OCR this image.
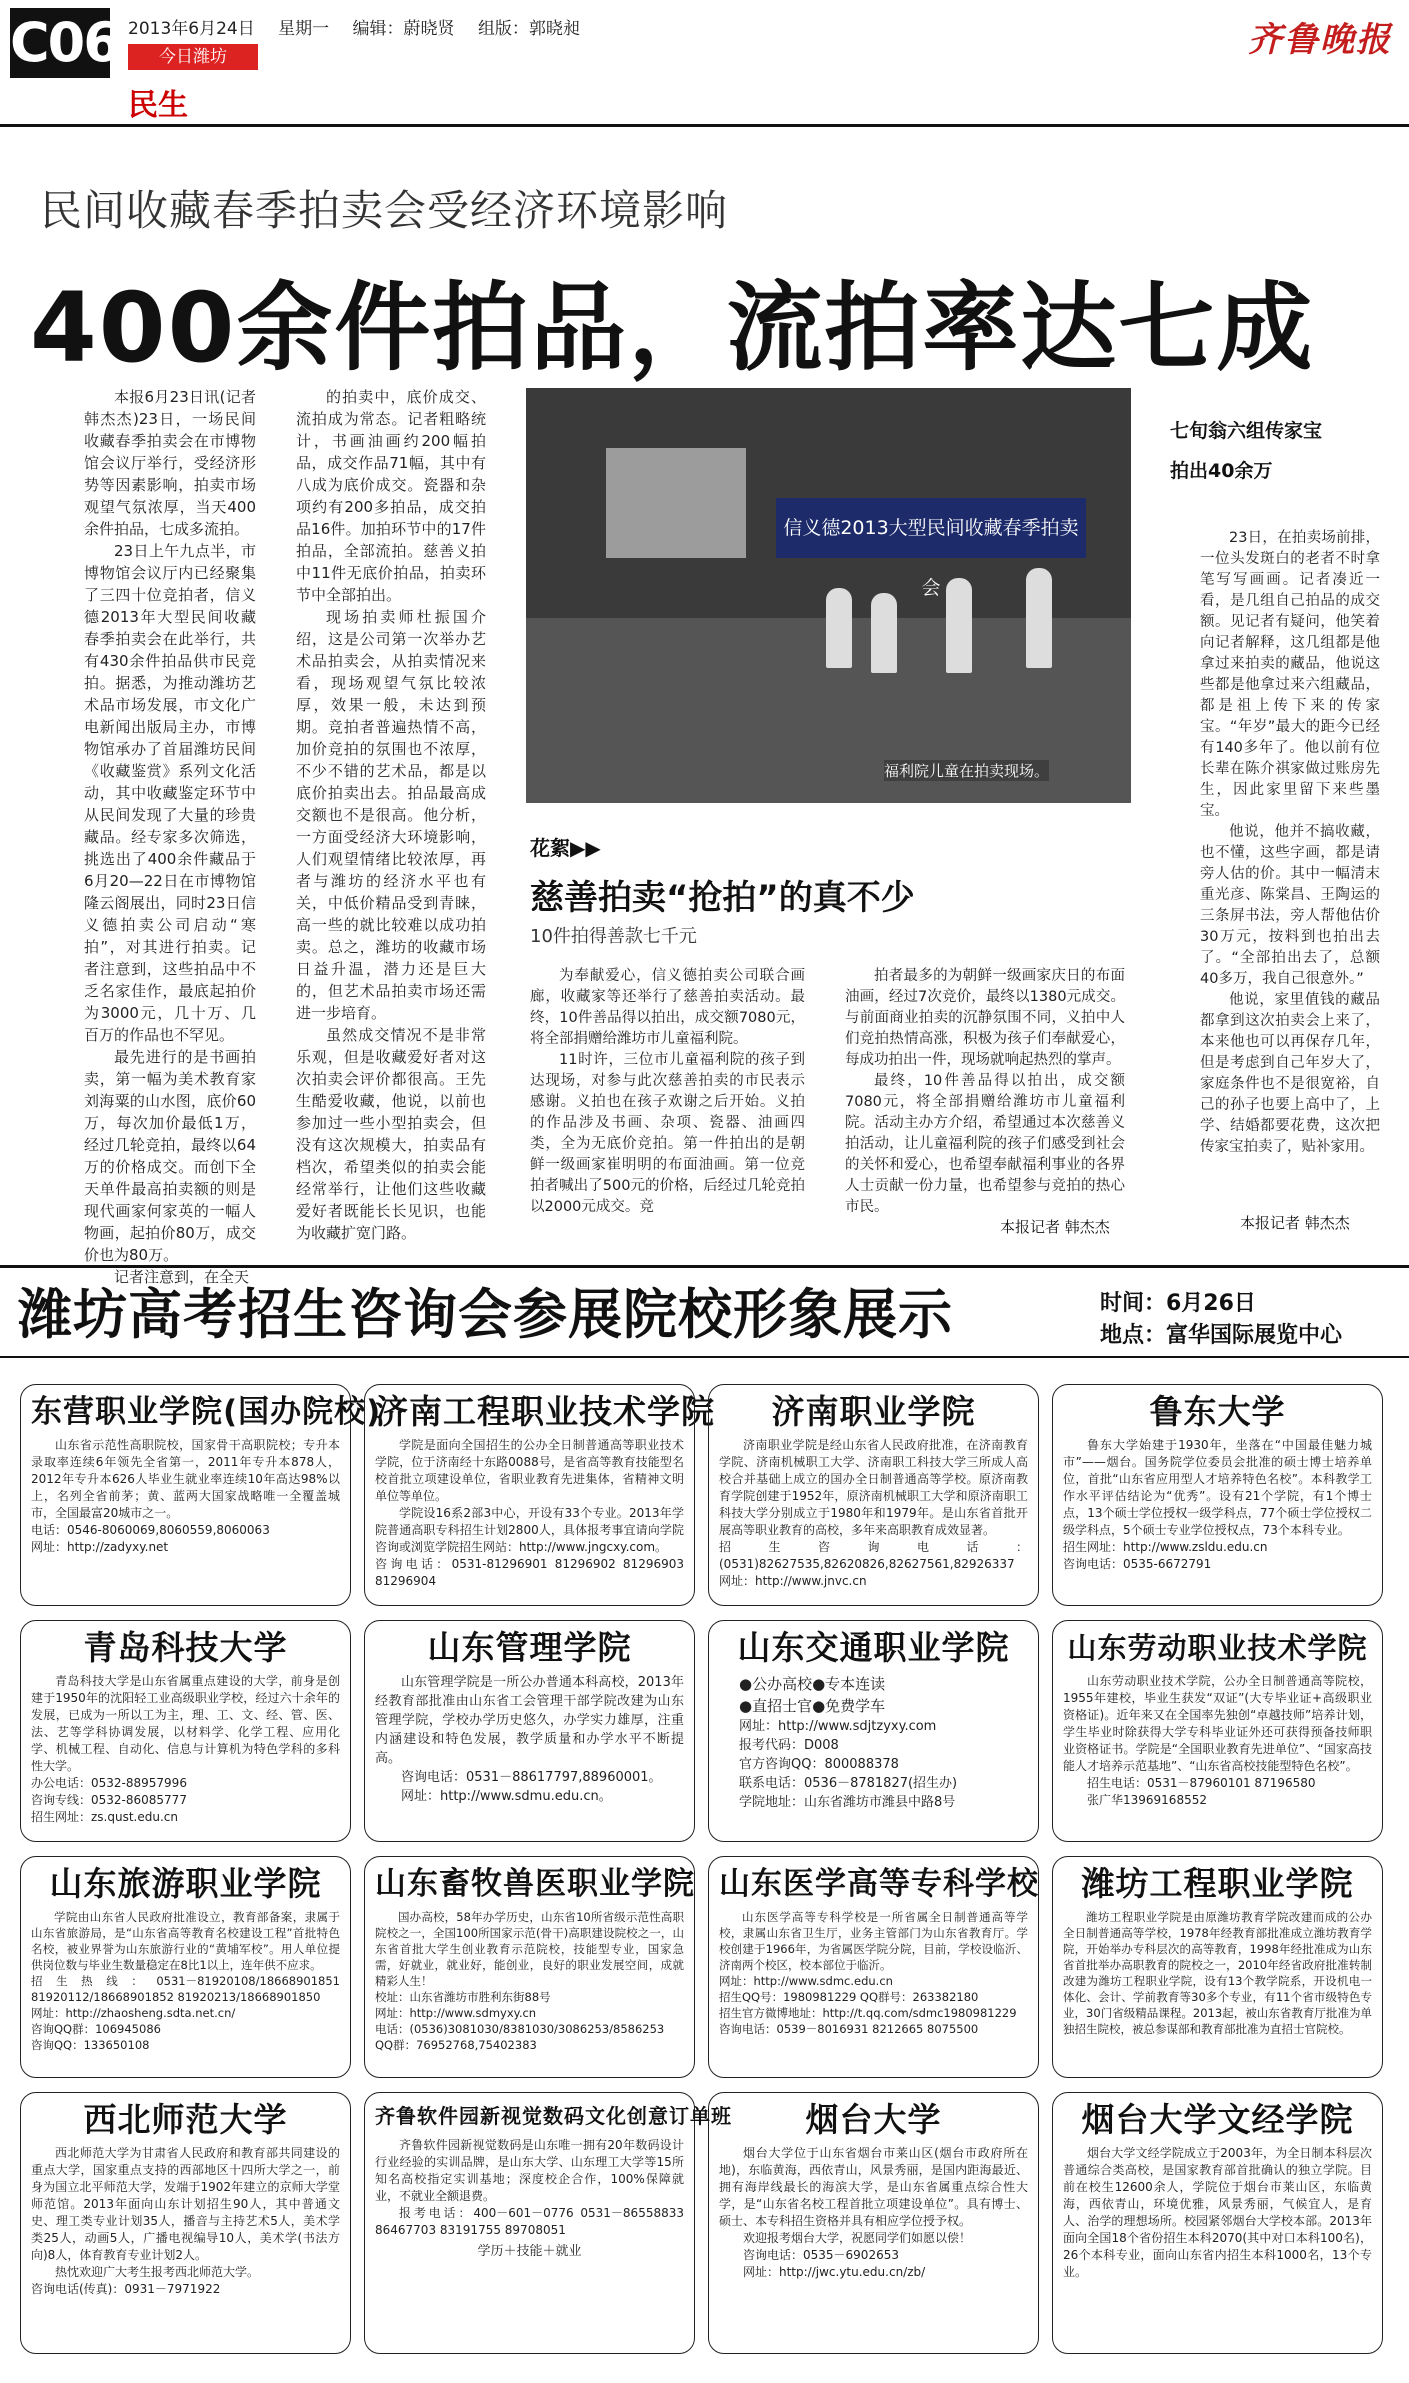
C06 2013年6月24日 星期一 编辑：蔚晓贤 组版：郭晓昶
今日潍坊
民生
齐鲁晚报
民间收藏春季拍卖会受经济环境影响
400余件拍品，流拍率达七成

本报6月23日讯(记者 韩杰杰)23日，一场民间收藏春季拍卖会在市博物馆会议厅举行，受经济形势等因素影响，拍卖市场观望气氛浓厚，当天400余件拍品，七成多流拍。

23日上午九点半，市博物馆会议厅内已经聚集了三四十位竞拍者，信义德2013年大型民间收藏春季拍卖会在此举行，共有430余件拍品供市民竞拍。据悉，为推动潍坊艺术品市场发展，市文化广电新闻出版局主办，市博物馆承办了首届潍坊民间《收藏鉴赏》系列文化活动，其中收藏鉴定环节中从民间发现了大量的珍贵藏品。经专家多次筛选，挑选出了400余件藏品于6月20—22日在市博物馆隆云阁展出，同时23日信义德拍卖公司启动“寒拍”，对其进行拍卖。记者注意到，这些拍品中不乏名家佳作，最底起拍价为3000元，几十万、几百万的作品也不罕见。

最先进行的是书画拍卖，第一幅为美术教育家刘海粟的山水图，底价60万，每次加价最低1万，经过几轮竞拍，最终以64万的价格成交。而创下全天单件最高拍卖额的则是现代画家何家英的一幅人物画，起拍价80万，成交价也为80万。

记者注意到，在全天

的拍卖中，底价成交、流拍成为常态。记者粗略统计，书画油画约200幅拍品，成交作品71幅，其中有八成为底价成交。瓷器和杂项约有200多拍品，成交拍品16件。加拍环节中的17件拍品，全部流拍。慈善义拍中11件无底价拍品，拍卖环节中全部拍出。

现场拍卖师杜振国介绍，这是公司第一次举办艺术品拍卖会，从拍卖情况来看，现场观望气氛比较浓厚，效果一般，未达到预期。竞拍者普遍热情不高，加价竞拍的氛围也不浓厚，不少不错的艺术品，都是以底价拍卖出去。拍品最高成交额也不是很高。他分析，一方面受经济大环境影响，人们观望情绪比较浓厚，再者与潍坊的经济水平也有关，中低价精品受到青睐，高一些的就比较难以成功拍卖。总之，潍坊的收藏市场日益升温，潜力还是巨大的，但艺术品拍卖市场还需进一步培育。

虽然成交情况不是非常乐观，但是收藏爱好者对这次拍卖会评价都很高。王先生酷爱收藏，他说，以前也参加过一些小型拍卖会，但没有这次规模大，拍卖品有档次，希望类似的拍卖会能经常举行，让他们这些收藏爱好者既能长长见识，也能为收藏扩宽门路。

信义德2013大型民间收藏春季拍卖会
福利院儿童在拍卖现场。
七旬翁六组传家宝
拍出40余万

23日，在拍卖场前排，一位头发斑白的老者不时拿笔写写画画。记者凑近一看，是几组自己拍品的成交额。见记者有疑问，他笑着向记者解释，这几组都是他拿过来拍卖的藏品，他说这些都是他拿过来六组藏品，都是祖上传下来的传家宝。“年岁”最大的距今已经有140多年了。他以前有位长辈在陈介祺家做过账房先生，因此家里留下来些墨宝。

他说，他并不搞收藏，也不懂，这些字画，都是请旁人估的价。其中一幅清末重光彦、陈棠昌、王陶运的三条屏书法，旁人帮他估价30万元，按料到也拍出去了。“全部拍出去了，总额40多万，我自己很意外。”

他说，家里值钱的藏品都拿到这次拍卖会上来了，本来他也可以再保存几年，但是考虑到自己年岁大了，家庭条件也不是很宽裕，自己的孙子也要上高中了，上学、结婚都要花费，这次把传家宝拍卖了，贴补家用。

本报记者 韩杰杰
花絮▶▶
慈善拍卖“抢拍”的真不少
10件拍得善款七千元

为奉献爱心，信义德拍卖公司联合画廊，收藏家等还举行了慈善拍卖活动。最终，10件善品得以拍出，成交额7080元，将全部捐赠给潍坊市儿童福利院。

11时许，三位市儿童福利院的孩子到达现场，对参与此次慈善拍卖的市民表示感谢。义拍也在孩子欢谢之后开始。义拍的作品涉及书画、杂项、瓷器、油画四类，全为无底价竞拍。第一件拍出的是朝鲜一级画家崔明明的布面油画。第一位竞拍者喊出了500元的价格，后经过几轮竞拍以2000元成交。竞

拍者最多的为朝鲜一级画家庆日的布面油画，经过7次竞价，最终以1380元成交。与前面商业拍卖的沉静氛围不同，义拍中人们竞拍热情高涨，积极为孩子们奉献爱心，每成功拍出一件，现场就响起热烈的掌声。

最终，10件善品得以拍出，成交额7080元，将全部捐赠给潍坊市儿童福利院。活动主办方介绍，希望通过本次慈善义拍活动，让儿童福利院的孩子们感受到社会的关怀和爱心，也希望奉献福利事业的各界人士贡献一份力量，也希望参与竞拍的热心市民。

本报记者 韩杰杰
潍坊高考招生咨询会参展院校形象展示	时间：6月26日
地点：富华国际展览中心
东营职业学院(国办院校)
山东省示范性高职院校，国家骨干高职院校；专升本录取率连续6年领先全省第一，2011年专升本878人，2012年专升本626人毕业生就业率连续10年高达98%以上，名列全省前茅；黄、蓝两大国家战略唯一全覆盖城市，全国最富20城市之一。
电话：0546-8060069,8060559,8060063
网址：http://zadyxy.net
济南工程职业技术学院
学院是面向全国招生的公办全日制普通高等职业技术学院，位于济南经十东路0088号，是省高等教育技能型名校首批立项建设单位，省职业教育先进集体，省精神文明单位等单位。
学院设16系2部3中心，开设有33个专业。2013年学院普通高职专科招生计划2800人，具体报考事宜请向学院咨询或浏览学院招生网站：http://www.jngcxy.com。
咨询电话：0531-81296901 81296902 81296903 81296904
济南职业学院
济南职业学院是经山东省人民政府批准，在济南教育学院、济南机械职工大学、济南职工科技大学三所成人高校合并基础上成立的国办全日制普通高等学校。原济南教育学院创建于1952年，原济南机械职工大学和原济南职工科技大学分别成立于1980年和1979年。是山东省首批开展高等职业教育的高校，多年来高职教育成效显著。
招生咨询电话：(0531)82627535,82620826,82627561,82926337
网址：http://www.jnvc.cn
鲁东大学
鲁东大学始建于1930年，坐落在“中国最佳魅力城市”——烟台。国务院学位委员会批准的硕士博士培养单位，首批“山东省应用型人才培养特色名校”。本科教学工作水平评估结论为“优秀”。设有21个学院，有1个博士点，13个硕士学位授权一级学科点，77个硕士学位授权二级学科点，5个硕士专业学位授权点，73个本科专业。
招生网址：http://www.zsldu.edu.cn
咨询电话：0535-6672791
青岛科技大学
青岛科技大学是山东省属重点建设的大学，前身是创建于1950年的沈阳轻工业高级职业学校，经过六十余年的发展，已成为一所以工为主，理、工、文、经、管、医、法、艺等学科协调发展，以材料学、化学工程、应用化学、机械工程、自动化、信息与计算机为特色学科的多科性大学。
办公电话：0532-88957996
咨询专线：0532-86085777
招生网址：zs.qust.edu.cn
山东管理学院
山东管理学院是一所公办普通本科高校，2013年经教育部批准由山东省工会管理干部学院改建为山东管理学院，学校办学历史悠久，办学实力雄厚，注重内涵建设和特色发展，教学质量和办学水平不断提高。
咨询电话：0531－88617797,88960001。
网址：http://www.sdmu.edu.cn。
山东交通职业学院
●公办高校●专本连读
●直招士官●免费学车
网址：http://www.sdjtzyxy.com
报考代码：D008
官方咨询QQ：800088378
联系电话：0536－8781827(招生办)
学院地址：山东省潍坊市潍县中路8号
山东劳动职业技术学院
山东劳动职业技术学院，公办全日制普通高等院校，1955年建校，毕业生获发“双证”(大专毕业证+高级职业资格证)。近年来又在全国率先独创“卓越技师”培养计划，学生毕业时除获得大学专科毕业证外还可获得预备技师职业资格证书。学院是“全国职业教育先进单位”、“国家高技能人才培养示范基地”、“山东省高校技能型特色名校”。
招生电话：0531－87960101 87196580
张广华13969168552
山东旅游职业学院
学院由山东省人民政府批准设立，教育部备案，隶属于山东省旅游局，是“山东省高等教育名校建设工程”首批特色名校，被业界誉为山东旅游行业的“黄埔军校”。用人单位提供岗位数与毕业生数量稳定在8比1以上，连年供不应求。
招生热线：0531－81920108/18668901851 81920112/18668901852 81920213/18668901850
网址：http://zhaosheng.sdta.net.cn/
咨询QQ群：106945086
咨询QQ：133650108
山东畜牧兽医职业学院
国办高校，58年办学历史，山东省10所省级示范性高职院校之一，全国100所国家示范(骨干)高职建设院校之一，山东省首批大学生创业教育示范院校，技能型专业，国家急需，好就业，就业好，能创业，良好的职业发展空间，成就精彩人生！
校址：山东省潍坊市胜利东街88号
网址：http://www.sdmyxy.cn
电话：(0536)3081030/8381030/3086253/8586253
QQ群：76952768,75402383
山东医学高等专科学校
山东医学高等专科学校是一所省属全日制普通高等学校，隶属山东省卫生厅，业务主管部门为山东省教育厅。学校创建于1966年，为省属医学院分院，目前，学校设临沂、济南两个校区，校本部位于临沂。
网址：http://www.sdmc.edu.cn
招生QQ号：1980981229 QQ群号：263382180
招生官方微博地址：http://t.qq.com/sdmc1980981229
咨询电话：0539－8016931 8212665 8075500
潍坊工程职业学院
潍坊工程职业学院是由原潍坊教育学院改建而成的公办全日制普通高等学校，1978年经教育部批准成立潍坊教育学院，开始举办专科层次的高等教育，1998年经批准成为山东省首批举办高职教育的院校之一，2010年经省政府批准转制改建为潍坊工程职业学院，设有13个教学院系，开设机电一体化、会计、学前教育等30多个专业，有11个省市级特色专业，30门省级精品课程。2013起，被山东省教育厅批准为单独招生院校，被总参谋部和教育部批准为直招士官院校。
西北师范大学
西北师范大学为甘肃省人民政府和教育部共同建设的重点大学，国家重点支持的西部地区十四所大学之一，前身为国立北平师范大学，发端于1902年建立的京师大学堂师范馆。2013年面向山东计划招生90人，其中普通文史、理工类专业计划35人，播音与主持艺术5人，美术学类25人，动画5人，广播电视编导10人，美术学(书法方向)8人，体育教育专业计划2人。
热忱欢迎广大考生报考西北师范大学。
咨询电话(传真)：0931－7971922
齐鲁软件园新视觉数码文化创意订单班
齐鲁软件园新视觉数码是山东唯一拥有20年数码设计行业经验的实训品牌，是山东大学、山东理工大学等15所知名高校指定实训基地；深度校企合作，100%保障就业，不就业全额退费。
报考电话：400－601－0776 0531－86558833 86467703 83191755 89708051
学历＋技能＋就业
烟台大学
烟台大学位于山东省烟台市莱山区(烟台市政府所在地)，东临黄海，西依青山，风景秀丽，是国内距海最近、拥有海岸线最长的海滨大学，是山东省属重点综合性大学，是“山东省名校工程首批立项建设单位”。具有博士、硕士、本专科招生资格并具有相应学位授予权。
欢迎报考烟台大学，祝愿同学们如愿以偿！
咨询电话：0535－6902653
网址：http://jwc.ytu.edu.cn/zb/
烟台大学文经学院
烟台大学文经学院成立于2003年，为全日制本科层次普通综合类高校，是国家教育部首批确认的独立学院。目前在校生12600余人，学院位于烟台市莱山区，东临黄海，西依青山，环境优雅，风景秀丽，气候宜人，是育人、治学的理想场所。校园紧邻烟台大学校本部。2013年面向全国18个省份招生本科2070(其中对口本科100名)，26个本科专业，面向山东省内招生本科1000名，13个专业。
